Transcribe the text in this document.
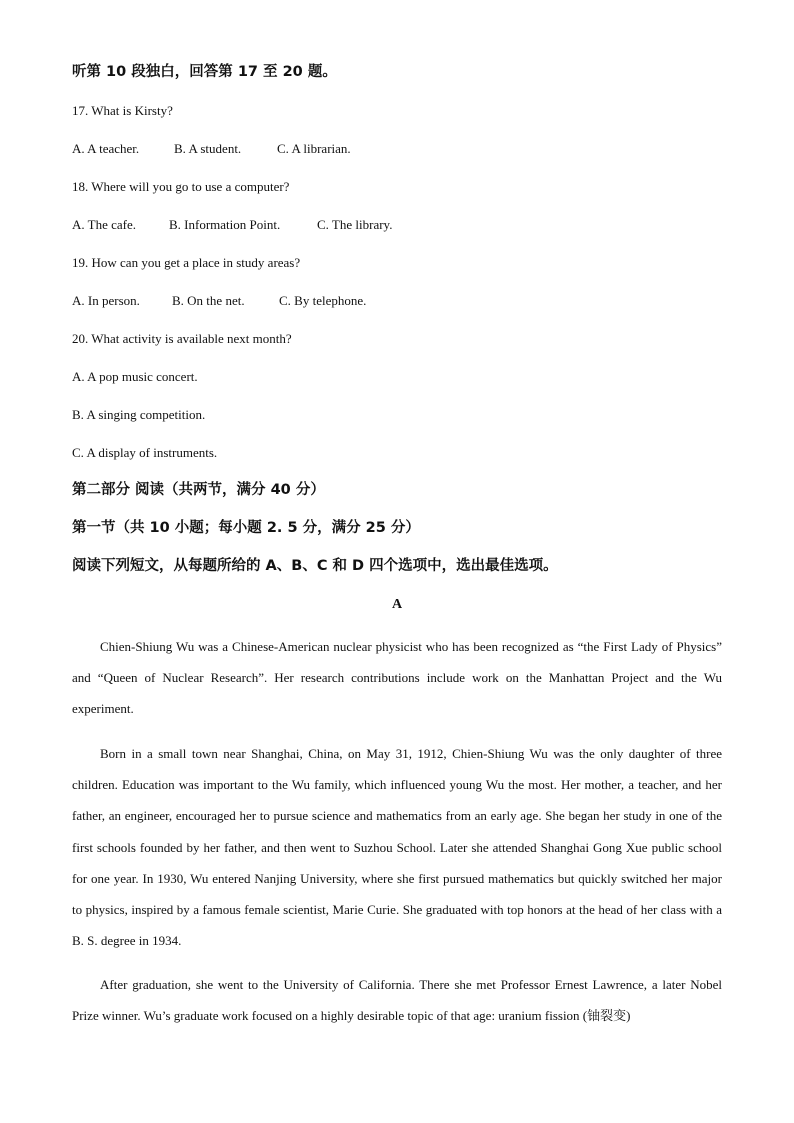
听第 10 段独白，回答第 17 至 20 题。
17. What is Kirsty?
A. A teacher.	B. A student.	C. A librarian.
18. Where will you go to use a computer?
A. The cafe.	B. Information Point.	C. The library.
19. How can you get a place in study areas?
A. In person. B. On the net.	C. By telephone.
20. What activity is available next month?
A. A pop music concert.
B. A singing competition.
C. A display of instruments.
第二部分 阅读（共两节，满分 40 分）
第一节（共 10 小题；每小题 2. 5 分，满分 25 分）
阅读下列短文，从每题所给的 A、B、C 和 D 四个选项中，选出最佳选项。
A
Chien-Shiung Wu was a Chinese-American nuclear physicist who has been recognized as “the First Lady of Physics” and “Queen of Nuclear Research”. Her research contributions include work on the Manhattan Project and the Wu experiment.
Born in a small town near Shanghai, China, on May 31, 1912, Chien-Shiung Wu was the only daughter of three children. Education was important to the Wu family, which influenced young Wu the most. Her mother, a teacher, and her father, an engineer, encouraged her to pursue science and mathematics from an early age. She began her study in one of the first schools founded by her father, and then went to Suzhou School. Later she attended Shanghai Gong Xue public school for one year. In 1930, Wu entered Nanjing University, where she first pursued mathematics but quickly switched her major to physics, inspired by a famous female scientist, Marie Curie. She graduated with top honors at the head of her class with a B. S. degree in 1934.
After graduation, she went to the University of California. There she met Professor Ernest Lawrence, a later Nobel Prize winner. Wu’s graduate work focused on a highly desirable topic of that age: uranium fission (铀裂变)
